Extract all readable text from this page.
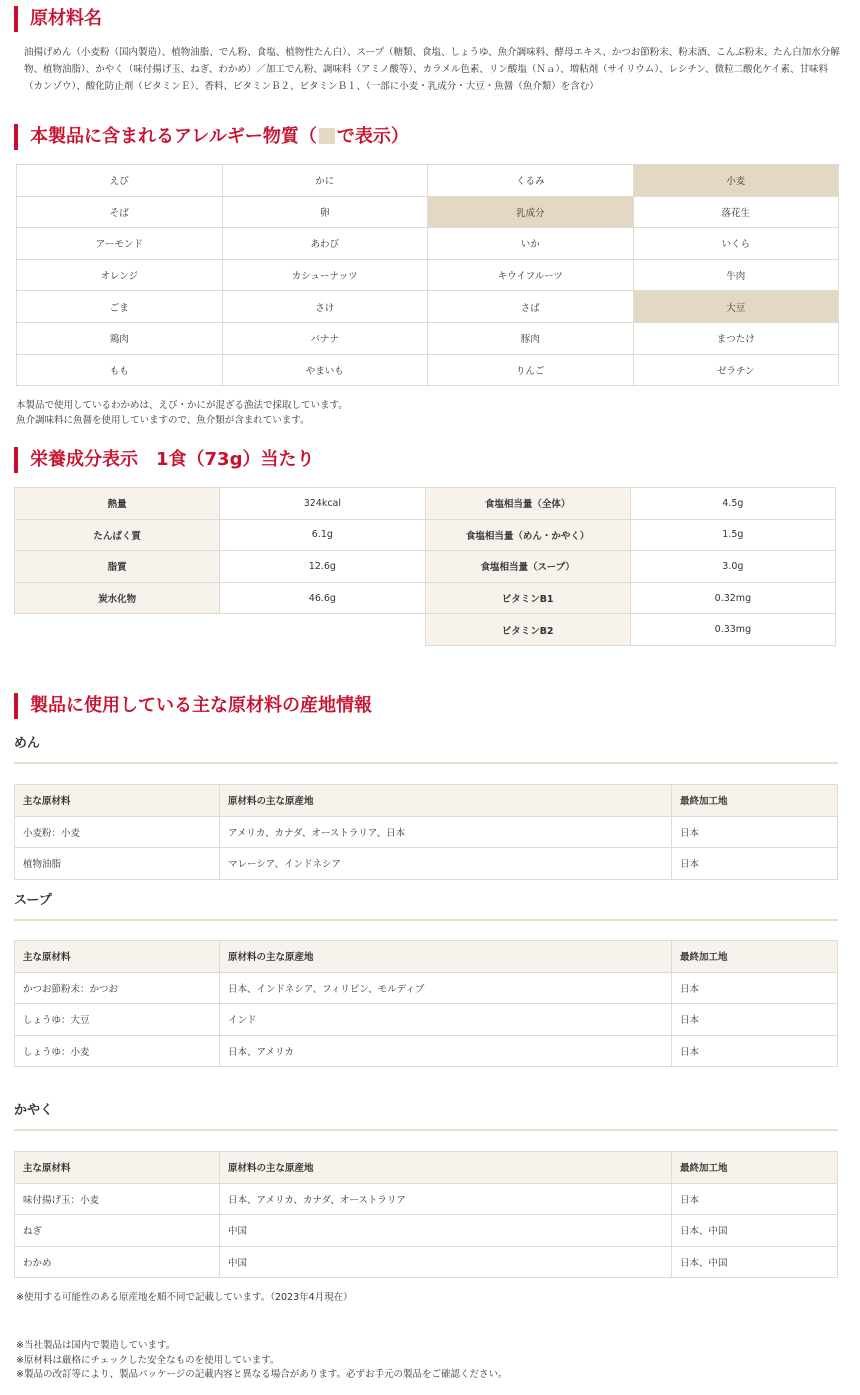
原材料名

油揚げめん（小麦粉（国内製造）、植物油脂、でん粉、食塩、植物性たん白）、スープ（糖類、食塩、しょうゆ、魚介調味料、酵母エキス、かつお節粉末、粉末酒、こんぶ粉末、たん白加水分解物、植物油脂）、かやく（味付揚げ玉、ねぎ、わかめ）／加工でん粉、調味料（アミノ酸等）、カラメル色素、リン酸塩（Ｎａ）、増粘剤（サイリウム）、レシチン、微粒二酸化ケイ素、甘味料（カンゾウ）、酸化防止剤（ビタミンＥ）、香料、ビタミンＢ２、ビタミンＢ１、（一部に小麦・乳成分・大豆・魚醤（魚介類）を含む）

本製品に含まれるアレルギー物質（ で表示）
えび	かに	くるみ	小麦
そば	卵	乳成分	落花生
アーモンド	あわび	いか	いくら
オレンジ	カシューナッツ	キウイフルーツ	牛肉
ごま	さけ	さば	大豆
鶏肉	バナナ	豚肉	まつたけ
もも	やまいも	りんご	ゼラチン
本製品で使用しているわかめは、えび・かにが混ざる漁法で採取しています。
魚介調味料に魚醤を使用していますので、魚介類が含まれています。
栄養成分表示　1食（73g）当たり
熱量	324kcal	食塩相当量（全体）	4.5g
たんぱく質	6.1g	食塩相当量（めん・かやく）	1.5g
脂質	12.6g	食塩相当量（スープ）	3.0g
炭水化物	46.6g	ビタミンB1	0.32mg
		ビタミンB2	0.33mg
製品に使用している主な原材料の産地情報
めん
主な原材料	原材料の主な原産地	最終加工地
小麦粉：小麦	アメリカ、カナダ、オーストラリア、日本	日本
植物油脂	マレーシア、インドネシア	日本
スープ
主な原材料	原材料の主な原産地	最終加工地
かつお節粉末：かつお	日本、インドネシア、フィリピン、モルディブ	日本
しょうゆ：大豆	インド	日本
しょうゆ：小麦	日本、アメリカ	日本
かやく
主な原材料	原材料の主な原産地	最終加工地
味付揚げ玉：小麦	日本、アメリカ、カナダ、オーストラリア	日本
ねぎ	中国	日本、中国
わかめ	中国	日本、中国
※使用する可能性のある原産地を順不同で記載しています。（2023年4月現在）
※当社製品は国内で製造しています。
※原材料は厳格にチェックした安全なものを使用しています。
※製品の改訂等により、製品パッケージの記載内容と異なる場合があります。必ずお手元の製品をご確認ください。
